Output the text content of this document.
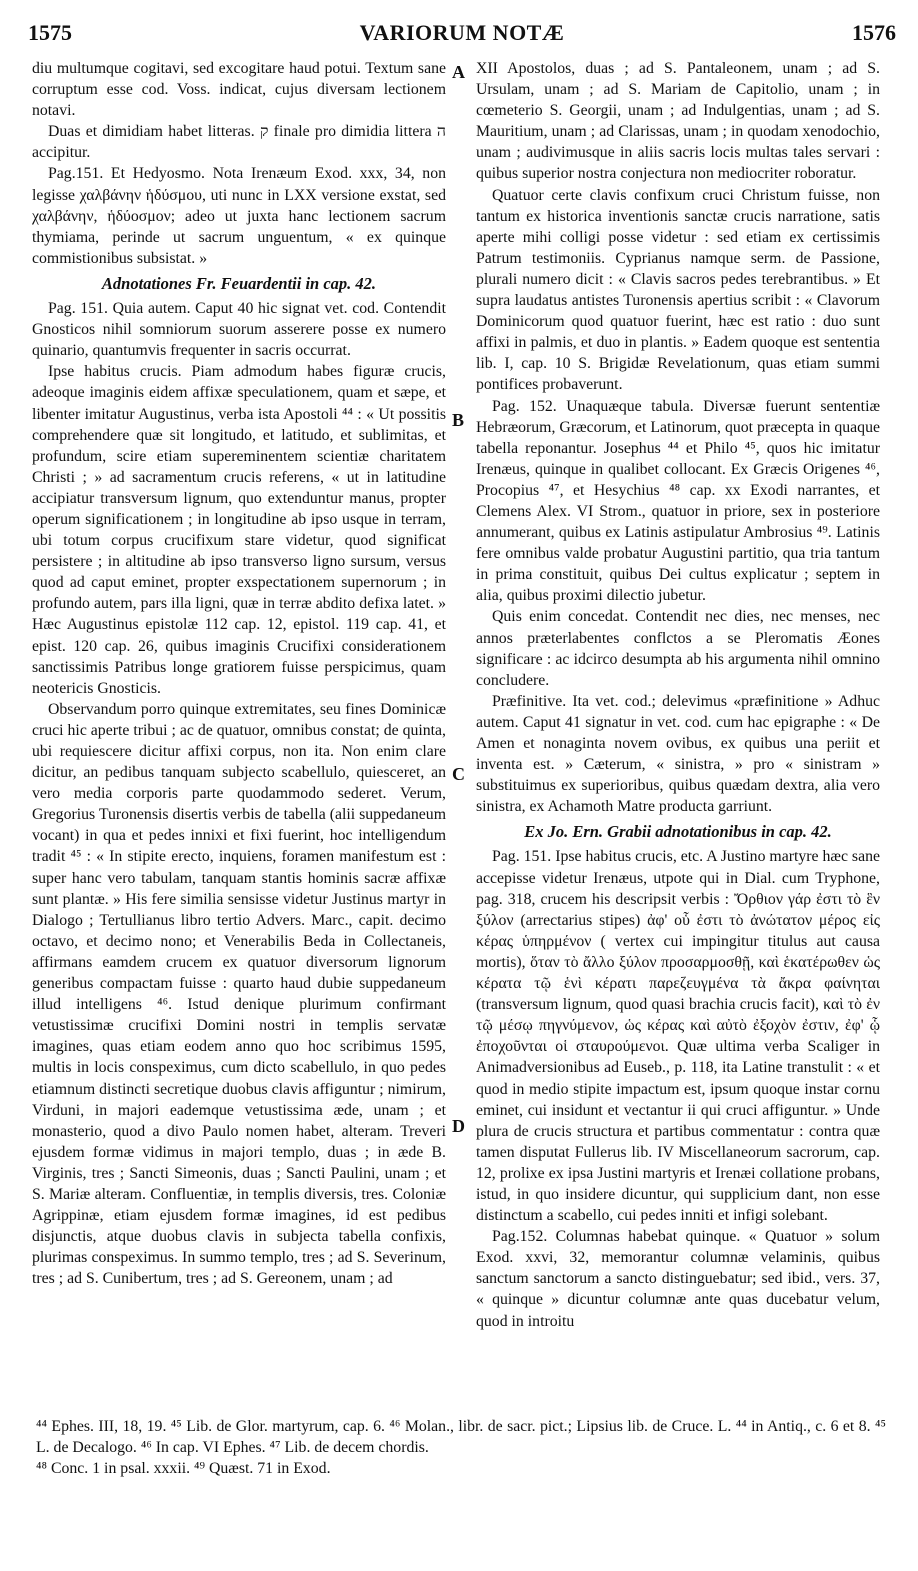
1575	VARIORUM NOTÆ	1576
A
B
C
D

diu multumque cogitavi, sed excogitare haud potui. Textum sane corruptum esse cod. Voss. indicat, cujus diversam lectionem notavi.

Duas et dimidiam habet litteras. ק finale pro dimidia littera ה accipitur.

Pag.151. Et Hedyosmo. Nota Irenæum Exod. xxx, 34, non legisse χαλβάνην ἡδύσμου, uti nunc in LXX versione exstat, sed χαλβάνην, ἡδύοσμον; adeo ut juxta hanc lectionem sacrum thymiama, perinde ut sacrum unguentum, « ex quinque commistionibus subsistat. »

Adnotationes Fr. Feuardentii in cap. 42.

Pag. 151. Quia autem. Caput 40 hic signat vet. cod. Contendit Gnosticos nihil somniorum suorum asserere posse ex numero quinario, quantumvis frequenter in sacris occurrat.

Ipse habitus crucis. Piam admodum habes figuræ crucis, adeoque imaginis eidem affixæ speculationem, quam et sæpe, et libenter imitatur Augustinus, verba ista Apostoli ⁴⁴ : « Ut possitis comprehendere quæ sit longitudo, et latitudo, et sublimitas, et profundum, scire etiam supereminentem scientiæ charitatem Christi ; » ad sacramentum crucis referens, « ut in latitudine accipiatur transversum lignum, quo extenduntur manus, propter operum significationem ; in longitudine ab ipso usque in terram, ubi totum corpus crucifixum stare videtur, quod significat persistere ; in altitudine ab ipso transverso ligno sursum, versus quod ad caput eminet, propter exspectationem supernorum ; in profundo autem, pars illa ligni, quæ in terræ abdito defixa latet. » Hæc Augustinus epistolæ 112 cap. 12, epistol. 119 cap. 41, et epist. 120 cap. 26, quibus imaginis Crucifixi considerationem sanctissimis Patribus longe gratiorem fuisse perspicimus, quam neotericis Gnosticis.

Observandum porro quinque extremitates, seu fines Dominicæ cruci hic aperte tribui ; ac de quatuor, omnibus constat; de quinta, ubi requiescere dicitur affixi corpus, non ita. Non enim clare dicitur, an pedibus tanquam subjecto scabellulo, quiesceret, an vero media corporis parte quodammodo sederet. Verum, Gregorius Turonensis disertis verbis de tabella (alii suppedaneum vocant) in qua et pedes innixi et fixi fuerint, hoc intelligendum tradit ⁴⁵ : « In stipite erecto, inquiens, foramen manifestum est : super hanc vero tabulam, tanquam stantis hominis sacræ affixæ sunt plantæ. » His fere similia sensisse videtur Justinus martyr in Dialogo ; Tertullianus libro tertio Advers. Marc., capit. decimo octavo, et decimo nono; et Venerabilis Beda in Collectaneis, affirmans eamdem crucem ex quatuor diversorum lignorum generibus compactam fuisse : quarto haud dubie suppedaneum illud intelligens ⁴⁶. Istud denique plurimum confirmant vetustissimæ crucifixi Domini nostri in templis servatæ imagines, quas etiam eodem anno quo hoc scribimus 1595, multis in locis conspeximus, cum dicto scabellulo, in quo pedes etiamnum distincti secretique duobus clavis affiguntur ; nimirum, Virduni, in majori eademque vetustissima æde, unam ; et monasterio, quod a divo Paulo nomen habet, alteram. Treveri ejusdem formæ vidimus in majori templo, duas ; in æde B. Virginis, tres ; Sancti Simeonis, duas ; Sancti Paulini, unam ; et S. Mariæ alteram. Confluentiæ, in templis diversis, tres. Coloniæ Agrippinæ, etiam ejusdem formæ imagines, id est pedibus disjunctis, atque duobus clavis in subjecta tabella confixis, plurimas conspeximus. In summo templo, tres ; ad S. Severinum, tres ; ad S. Cunibertum, tres ; ad S. Gereonem, unam ; ad

XII Apostolos, duas ; ad S. Pantaleonem, unam ; ad S. Ursulam, unam ; ad S. Mariam de Capitolio, unam ; in cœmeterio S. Georgii, unam ; ad Indulgentias, unam ; ad S. Mauritium, unam ; ad Clarissas, unam ; in quodam xenodochio, unam ; audivimusque in aliis sacris locis multas tales servari : quibus superior nostra conjectura non mediocriter roboratur.

Quatuor certe clavis confixum cruci Christum fuisse, non tantum ex historica inventionis sanctæ crucis narratione, satis aperte mihi colligi posse videtur : sed etiam ex certissimis Patrum testimoniis. Cyprianus namque serm. de Passione, plurali numero dicit : « Clavis sacros pedes terebrantibus. » Et supra laudatus antistes Turonensis apertius scribit : « Clavorum Dominicorum quod quatuor fuerint, hæc est ratio : duo sunt affixi in palmis, et duo in plantis. » Eadem quoque est sententia lib. I, cap. 10 S. Brigidæ Revelationum, quas etiam summi pontifices probaverunt.

Pag. 152. Unaquæque tabula. Diversæ fuerunt sententiæ Hebræorum, Græcorum, et Latinorum, quot præcepta in quaque tabella reponantur. Josephus ⁴⁴ et Philo ⁴⁵, quos hic imitatur Irenæus, quinque in qualibet collocant. Ex Græcis Origenes ⁴⁶, Procopius ⁴⁷, et Hesychius ⁴⁸ cap. xx Exodi narrantes, et Clemens Alex. VI Strom., quatuor in priore, sex in posteriore annumerant, quibus ex Latinis astipulatur Ambrosius ⁴⁹. Latinis fere omnibus valde probatur Augustini partitio, qua tria tantum in prima constituit, quibus Dei cultus explicatur ; septem in alia, quibus proximi dilectio jubetur.

Quis enim concedat. Contendit nec dies, nec menses, nec annos præterlabentes conflctos a se Pleromatis Æones significare : ac idcirco desumpta ab his argumenta nihil omnino concludere.

Præfinitive. Ita vet. cod.; delevimus «præfinitione » Adhuc autem. Caput 41 signatur in vet. cod. cum hac epigraphe : « De Amen et nonaginta novem ovibus, ex quibus una periit et inventa est. » Cæterum, « sinistra, » pro « sinistram » substituimus ex superioribus, quibus quædam dextra, alia vero sinistra, ex Achamoth Matre producta garriunt.

Ex Jo. Ern. Grabii adnotationibus in cap. 42.

Pag. 151. Ipse habitus crucis, etc. A Justino martyre hæc sane accepisse videtur Irenæus, utpote qui in Dial. cum Tryphone, pag. 318, crucem his descripsit verbis : Ὄρθιον γάρ ἐστι τὸ ἓν ξύλον (arrectarius stipes) ἀφ' οὗ ἐστι τὸ ἀνώτατον μέρος εἰς κέρας ὑπηρμένον ( vertex cui impingitur titulus aut causa mortis), ὅταν τὸ ἄλλο ξύλον προσαρμοσθῇ, καὶ ἑκατέρωθεν ὡς κέρατα τῷ ἑνὶ κέρατι παρεζευγμένα τὰ ἄκρα φαίνηται (transversum lignum, quod quasi brachia crucis facit), καὶ τὸ ἐν τῷ μέσῳ πηγνύμενον, ὡς κέρας καὶ αὐτὸ ἐξοχὸν ἐστιν, ἐφ' ᾧ ἐποχοῦνται οἱ σταυρούμενοι. Quæ ultima verba Scaliger in Animadversionibus ad Euseb., p. 118, ita Latine transtulit : « et quod in medio stipite impactum est, ipsum quoque instar cornu eminet, cui insidunt et vectantur ii qui cruci affiguntur. » Unde plura de crucis structura et partibus commentatur : contra quæ tamen disputat Fullerus lib. IV Miscellaneorum sacrorum, cap. 12, prolixe ex ipsa Justini martyris et Irenæi collatione probans, istud, in quo insidere dicuntur, qui supplicium dant, non esse distinctum a scabello, cui pedes inniti et infigi solebant.

Pag.152. Columnas habebat quinque. « Quatuor » solum Exod. xxvi, 32, memorantur columnæ velaminis, quibus sanctum sanctorum a sancto distinguebatur; sed ibid., vers. 37, « quinque » dicuntur columnæ ante quas ducebatur velum, quod in introitu

⁴⁴ Ephes. III, 18, 19. ⁴⁵ Lib. de Glor. martyrum, cap. 6. ⁴⁶ Molan., libr. de sacr. pict.; Lipsius lib. de Cruce. L. ⁴⁴ in Antiq., c. 6 et 8. ⁴⁵ L. de Decalogo. ⁴⁶ In cap. VI Ephes. ⁴⁷ Lib. de decem chordis.

⁴⁸ Conc. 1 in psal. xxxii. ⁴⁹ Quæst. 71 in Exod.
